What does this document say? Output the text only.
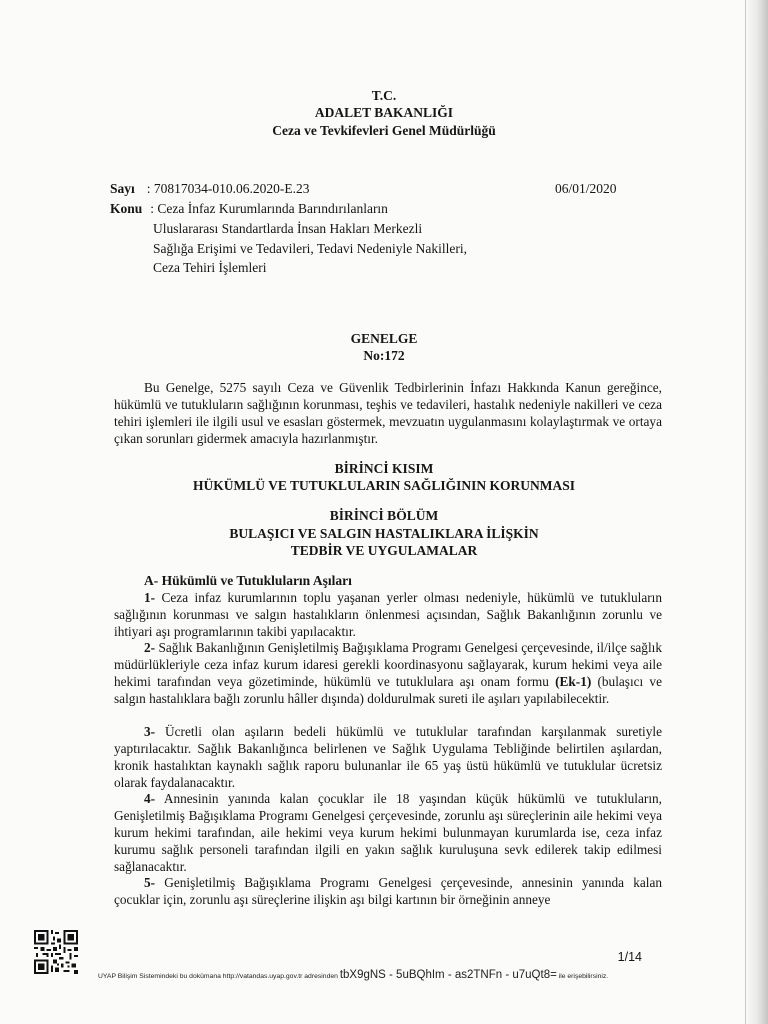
T.C.
ADALET BAKANLIĞI
Ceza ve Tevkifevleri Genel Müdürlüğü
Sayı : 70817034-010.06.2020-E.23	06/01/2020
Konu : Ceza İnfaz Kurumlarında Barındırılanların
Uluslararası Standartlarda İnsan Hakları Merkezli
Sağlığa Erişimi ve Tedavileri, Tedavi Nedeniyle Nakilleri,
Ceza Tehiri İşlemleri
GENELGE
No:172
Bu Genelge, 5275 sayılı Ceza ve Güvenlik Tedbirlerinin İnfazı Hakkında Kanun gereğince, hükümlü ve tutukluların sağlığının korunması, teşhis ve tedavileri, hastalık nedeniyle nakilleri ve ceza tehiri işlemleri ile ilgili usul ve esasları göstermek, mevzuatın uygulanmasını kolaylaştırmak ve ortaya çıkan sorunları gidermek amacıyla hazırlanmıştır.
BİRİNCİ KISIM
HÜKÜMLÜ VE TUTUKLULARIN SAĞLIĞININ KORUNMASI
BİRİNCİ BÖLÜM
BULAŞICI VE SALGIN HASTALIKLARA İLİŞKİN
TEDBİR VE UYGULAMALAR
A- Hükümlü ve Tutukluların Aşıları
1- Ceza infaz kurumlarının toplu yaşanan yerler olması nedeniyle, hükümlü ve tutukluların sağlığının korunması ve salgın hastalıkların önlenmesi açısından, Sağlık Bakanlığının zorunlu ve ihtiyari aşı programlarının takibi yapılacaktır.
2- Sağlık Bakanlığının Genişletilmiş Bağışıklama Programı Genelgesi çerçevesinde, il/ilçe sağlık müdürlükleriyle ceza infaz kurum idaresi gerekli koordinasyonu sağlayarak, kurum hekimi veya aile hekimi tarafından veya gözetiminde, hükümlü ve tutuklulara aşı onam formu (Ek-1) (bulaşıcı ve salgın hastalıklara bağlı zorunlu hâller dışında) doldurulmak sureti ile aşıları yapılabilecektir.
3- Ücretli olan aşıların bedeli hükümlü ve tutuklular tarafından karşılanmak suretiyle yaptırılacaktır. Sağlık Bakanlığınca belirlenen ve Sağlık Uygulama Tebliğinde belirtilen aşılardan, kronik hastalıktan kaynaklı sağlık raporu bulunanlar ile 65 yaş üstü hükümlü ve tutuklular ücretsiz olarak faydalanacaktır.
4- Annesinin yanında kalan çocuklar ile 18 yaşından küçük hükümlü ve tutukluların, Genişletilmiş Bağışıklama Programı Genelgesi çerçevesinde, zorunlu aşı süreçlerinin aile hekimi veya kurum hekimi tarafından, aile hekimi veya kurum hekimi bulunmayan kurumlarda ise, ceza infaz kurumu sağlık personeli tarafından ilgili en yakın sağlık kuruluşuna sevk edilerek takip edilmesi sağlanacaktır.
5- Genişletilmiş Bağışıklama Programı Genelgesi çerçevesinde, annesinin yanında kalan çocuklar için, zorunlu aşı süreçlerine ilişkin aşı bilgi kartının bir örneğinin anneye
1/14
UYAP Bilişim Sistemindeki bu dokümana http://vatandas.uyap.gov.tr adresinden tbX9gNS - 5uBQhIm - as2TNFn - u7uQt8= ile erişebilirsiniz.
